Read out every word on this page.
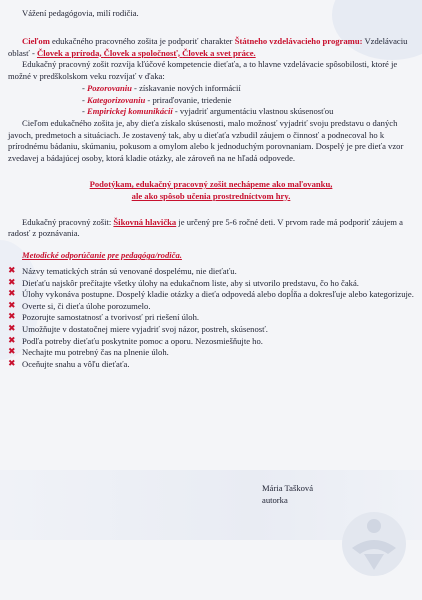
Vážení pedagógovia, milí rodičia.

Cieľom edukačného pracovného zošita je podporiť charakter Štátneho vzdelávacieho programu: Vzdelávaciu oblasť - Človek a príroda, Človek a spoločnosť, Človek a svet práce.

Edukačný pracovný zošit rozvíja kľúčové kompetencie dieťaťa, a to hlavne vzdelávacie spôsobilosti, ktoré je možné v predškolskom veku rozvíjať v ďaka:

- Pozorovaniu - získavanie nových informácií
- Kategorizovaniu - priraďovanie, triedenie
- Empirickej komunikácií - vyjadriť argumentáciu vlastnou skúsenosťou

Cieľom edukačného zošita je, aby dieťa získalo skúsenosti, malo možnosť vyjadriť svoju predstavu o daných javoch, predmetoch a situáciach. Je zostavený tak, aby u dieťaťa vzbudil záujem o činnosť a podnecoval ho k prírodnému bádaniu, skúmaniu, pokusom a omylom alebo k jednoduchým porovnaniam. Dospelý je pre dieťa vzor zvedavej a bádajúcej osoby, ktorá kladie otázky, ale zároveň na ne hľadá odpovede.

Podotýkam, edukačný pracovný zošit nechápeme ako maľovanku,
ale ako spôsob učenia prostredníctvom hry.

Edukačný pracovný zošit: Šikovná hlavička je určený pre 5-6 ročné deti. V prvom rade má podporiť záujem a radosť z poznávania.

Metodické odporúčanie pre pedagóga/rodiča.
✖ Názvy tematických strán sú venované dospelému, nie dieťaťu.
✖ Dieťaťu najskôr prečítajte všetky úlohy na edukačnom liste, aby si utvorilo predstavu, čo ho čaká.
✖ Úlohy vykonáva postupne. Dospelý kladie otázky a dieťa odpovedá alebo dopĺňa a dokresľuje alebo kategorizuje.
✖ Overte si, či dieťa úlohe porozumelo.
✖ Pozorujte samostatnosť a tvorivosť pri riešení úloh.
✖ Umožňujte v dostatočnej miere vyjadriť svoj názor, postreh, skúsenosť.
✖ Podľa potreby dieťaťu poskytnite pomoc a oporu. Nezosmiešňujte ho.
✖ Nechajte mu potrebný čas na plnenie úloh.
✖ Oceňujte snahu a vôľu dieťaťa.
Mária Tašková
autorka
